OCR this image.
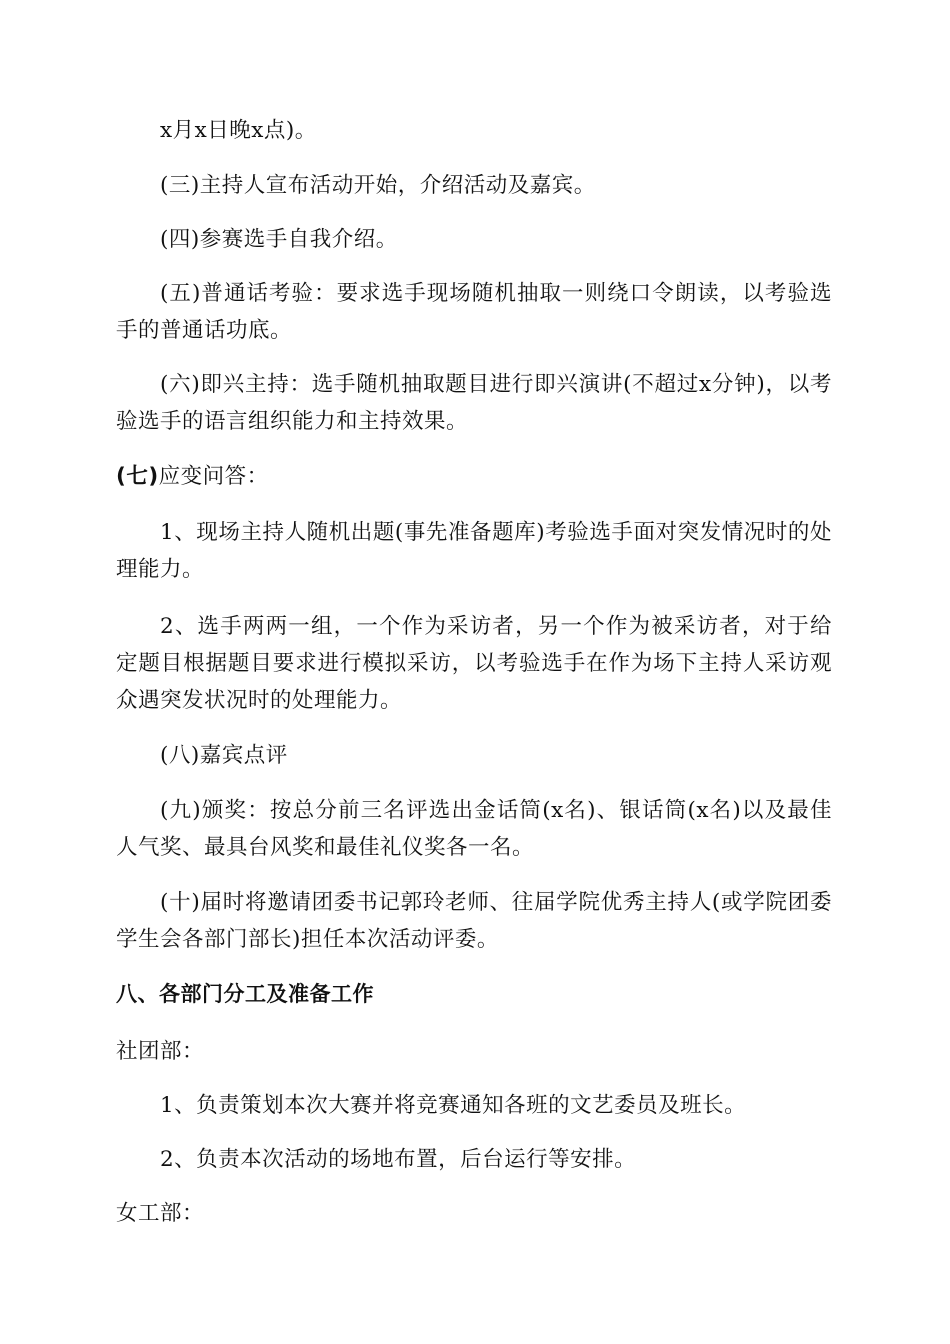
x月x日晚x点)。

(三)主持人宣布活动开始，介绍活动及嘉宾。

(四)参赛选手自我介绍。

(五)普通话考验：要求选手现场随机抽取一则绕口令朗读，以考验选手的普通话功底。

(六)即兴主持：选手随机抽取题目进行即兴演讲(不超过x分钟)，以考验选手的语言组织能力和主持效果。

(七)应变问答：

1、现场主持人随机出题(事先准备题库)考验选手面对突发情况时的处理能力。

2、选手两两一组，一个作为采访者，另一个作为被采访者，对于给定题目根据题目要求进行模拟采访，以考验选手在作为场下主持人采访观众遇突发状况时的处理能力。

(八)嘉宾点评

(九)颁奖：按总分前三名评选出金话筒(x名)、银话筒(x名)以及最佳人气奖、最具台风奖和最佳礼仪奖各一名。

(十)届时将邀请团委书记郭玲老师、往届学院优秀主持人(或学院团委学生会各部门部长)担任本次活动评委。

八、各部门分工及准备工作

社团部：

1、负责策划本次大赛并将竞赛通知各班的文艺委员及班长。

2、负责本次活动的场地布置，后台运行等安排。

女工部：
